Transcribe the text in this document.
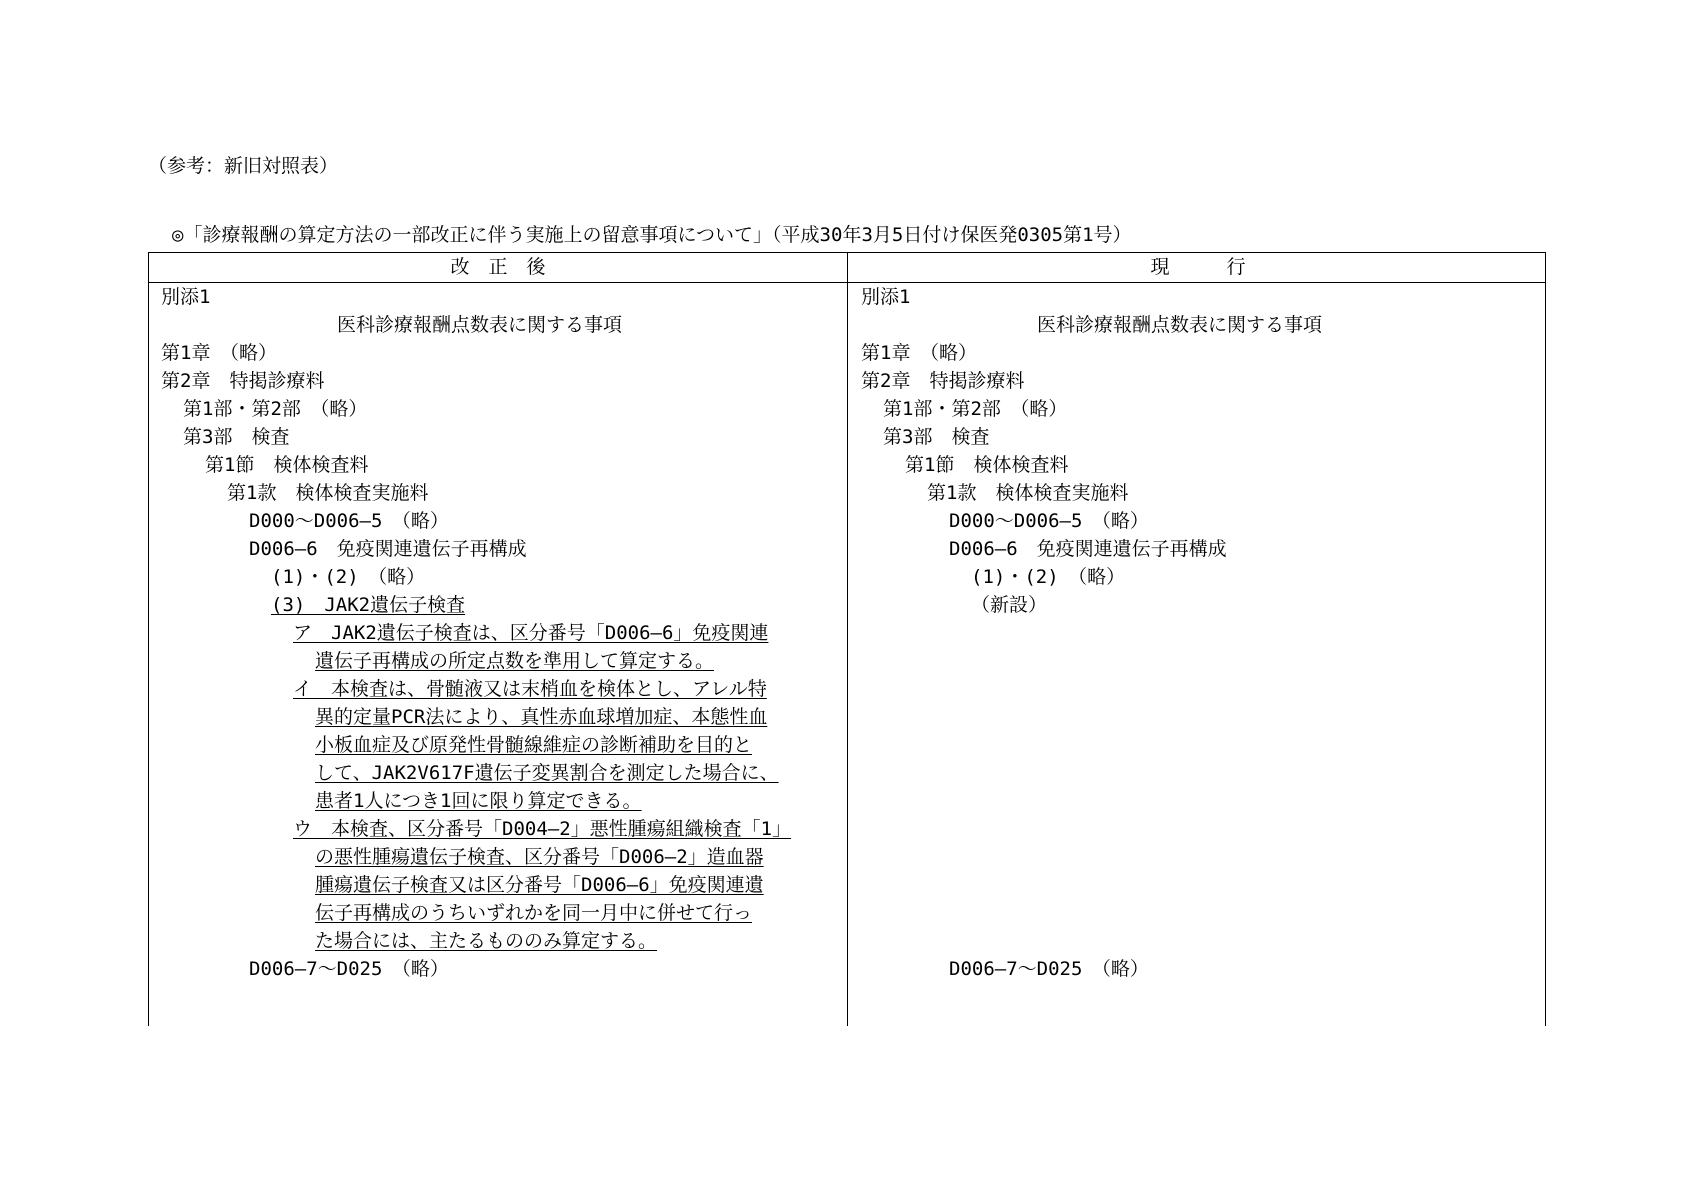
（参考：新旧対照表）
◎「診療報酬の算定方法の一部改正に伴う実施上の留意事項について」（平成30年3月5日付け保医発0305第1号）
改　正　後	現　　　行
別添1
医科診療報酬点数表に関する事項
第1章　（略）
第2章　特掲診療料
第1部・第2部　（略）
第3部　検査
第1節　検体検査料
第1款　検体検査実施料
D000～D006―5　（略）
D006―6　免疫関連遺伝子再構成
(1)・(2)　（略）
(3)　JAK2遺伝子検査
ア　JAK2遺伝子検査は、区分番号「D006―6」免疫関連
遺伝子再構成の所定点数を準用して算定する。
イ　本検査は、骨髄液又は末梢血を検体とし、アレル特
異的定量PCR法により、真性赤血球増加症、本態性血
小板血症及び原発性骨髄線維症の診断補助を目的と
して、JAK2V617F遺伝子変異割合を測定した場合に、
患者1人につき1回に限り算定できる。
ウ　本検査、区分番号「D004―2」悪性腫瘍組織検査「1」
の悪性腫瘍遺伝子検査、区分番号「D006―2」造血器
腫瘍遺伝子検査又は区分番号「D006―6」免疫関連遺
伝子再構成のうちいずれかを同一月中に併せて行っ
た場合には、主たるもののみ算定する。
D006―7～D025　（略）
別添1
医科診療報酬点数表に関する事項
第1章　（略）
第2章　特掲診療料
第1部・第2部　（略）
第3部　検査
第1節　検体検査料
第1款　検体検査実施料
D000～D006―5　（略）
D006―6　免疫関連遺伝子再構成
(1)・(2)　（略）
（新設）
D006―7～D025　（略）
